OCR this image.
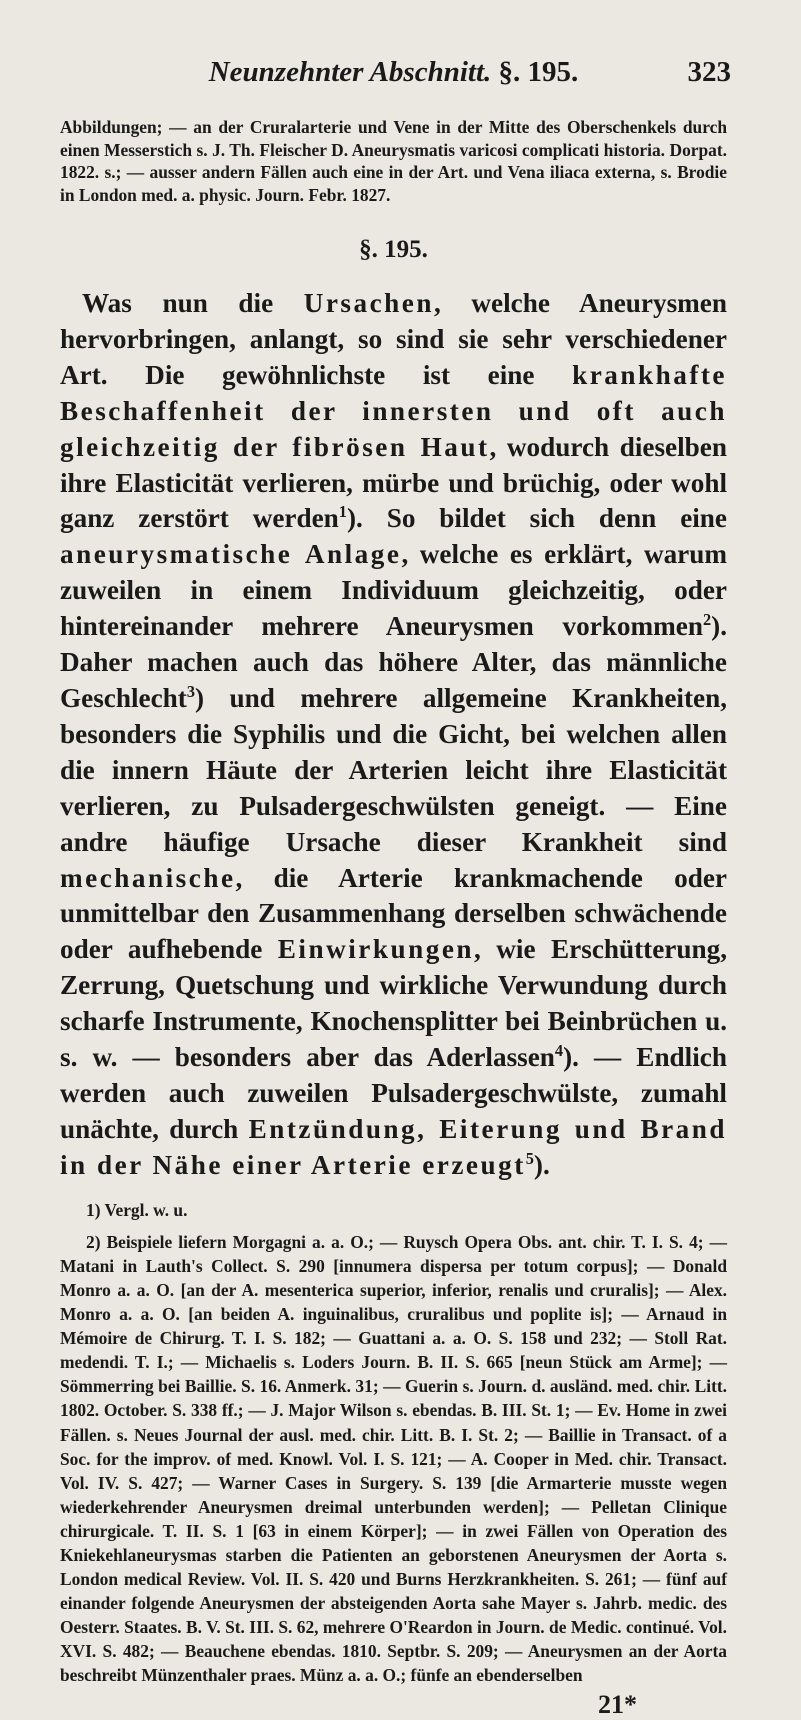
Neunzehnter Abschnitt. §. 195.	323
Abbildungen; — an der Cruralarterie und Vene in der Mitte des Oberschenkels durch einen Messerstich s. J. Th. Fleischer D. Aneurysmatis varicosi complicati historia. Dorpat. 1822. s.; — ausser andern Fällen auch eine in der Art. und Vena iliaca externa, s. Brodie in London med. a. physic. Journ. Febr. 1827.
§. 195.
Was nun die Ursachen, welche Aneurysmen hervorbringen, anlangt, so sind sie sehr verschiedener Art. Die gewöhnlichste ist eine krankhafte Beschaffenheit der innersten und oft auch gleichzeitig der fibrösen Haut, wodurch dieselben ihre Elasticität verlieren, mürbe und brüchig, oder wohl ganz zerstört werden$^1$). So bildet sich denn eine aneurysmatische Anlage, welche es erklärt, warum zuweilen in einem Individuum gleichzeitig, oder hintereinander mehrere Aneurysmen vorkommen$^2$). Daher machen auch das höhere Alter, das männliche Geschlecht$^3$) und mehrere allgemeine Krankheiten, besonders die Syphilis und die Gicht, bei welchen allen die innern Häute der Arterien leicht ihre Elasticität verlieren, zu Pulsadergeschwülsten geneigt. — Eine andre häufige Ursache dieser Krankheit sind mechanische, die Arterie krankmachende oder unmittelbar den Zusammenhang derselben schwächende oder aufhebende Einwirkungen, wie Erschütterung, Zerrung, Quetschung und wirkliche Verwundung durch scharfe Instrumente, Knochensplitter bei Beinbrüchen u. s. w. — besonders aber das Aderlassen$^4$). — Endlich werden auch zuweilen Pulsadergeschwülste, zumahl unächte, durch Entzündung, Eiterung und Brand in der Nähe einer Arterie erzeugt$^5$).

1) Vergl. w. u.

2) Beispiele liefern Morgagni a. a. O.; — Ruysch Opera Obs. ant. chir. T. I. S. 4; — Matani in Lauth's Collect. S. 290 [innumera dispersa per totum corpus]; — Donald Monro a. a. O. [an der A. mesenterica superior, inferior, renalis und cruralis]; — Alex. Monro a. a. O. [an beiden A. inguinalibus, cruralibus und poplite is]; — Arnaud in Mémoire de Chirurg. T. I. S. 182; — Guattani a. a. O. S. 158 und 232; — Stoll Rat. medendi. T. I.; — Michaelis s. Loders Journ. B. II. S. 665 [neun Stück am Arme]; — Sömmerring bei Baillie. S. 16. Anmerk. 31; — Guerin s. Journ. d. ausländ. med. chir. Litt. 1802. October. S. 338 ff.; — J. Major Wilson s. ebendas. B. III. St. 1; — Ev. Home in zwei Fällen. s. Neues Journal der ausl. med. chir. Litt. B. I. St. 2; — Baillie in Transact. of a Soc. for the improv. of med. Knowl. Vol. I. S. 121; — A. Cooper in Med. chir. Transact. Vol. IV. S. 427; — Warner Cases in Surgery. S. 139 [die Armarterie musste wegen wiederkehrender Aneurysmen dreimal unterbunden werden]; — Pelletan Clinique chirurgicale. T. II. S. 1 [63 in einem Körper]; — in zwei Fällen von Operation des Kniekehlaneurysmas starben die Patienten an geborstenen Aneurysmen der Aorta s. London medical Review. Vol. II. S. 420 und Burns Herzkrankheiten. S. 261; — fünf auf einander folgende Aneurysmen der absteigenden Aorta sahe Mayer s. Jahrb. medic. des Oesterr. Staates. B. V. St. III. S. 62, mehrere O'Reardon in Journ. de Medic. continué. Vol. XVI. S. 482; — Beauchene ebendas. 1810. Septbr. S. 209; — Aneurysmen an der Aorta beschreibt Münzenthaler praes. Münz a. a. O.; fünfe an ebenderselben

21*
